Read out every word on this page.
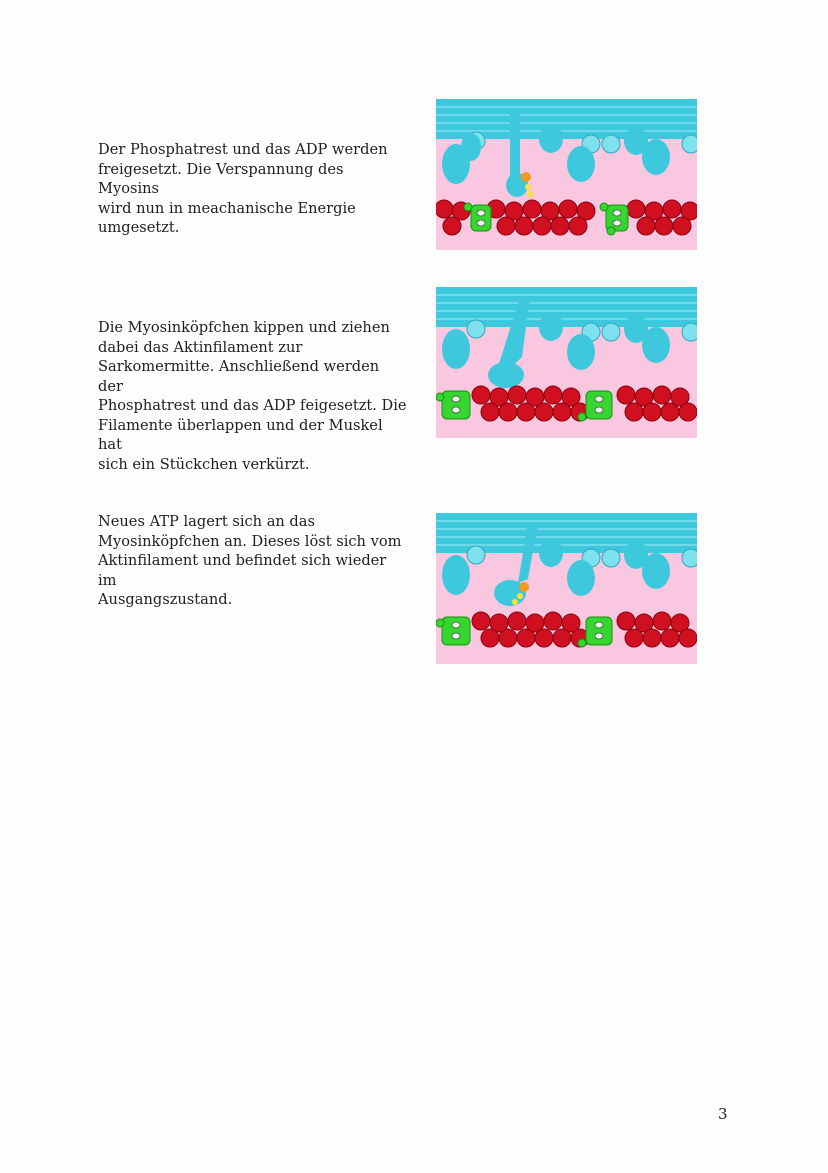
Der Phosphatrest und das ADP werden
freigesetzt. Die Verspannung des Myosins
wird nun in meachanische Energie
umgesetzt.

Die Myosinköpfchen kippen und ziehen
dabei das Aktinfilament zur
Sarkomermitte. Anschließend werden der
Phosphatrest und das ADP feigesetzt. Die
Filamente überlappen und der Muskel hat
sich ein Stückchen verkürzt.

Neues ATP lagert sich an das
Myosinköpfchen an. Dieses löst sich vom
Aktinfilament und befindet sich wieder im
Ausgangszustand.

3
